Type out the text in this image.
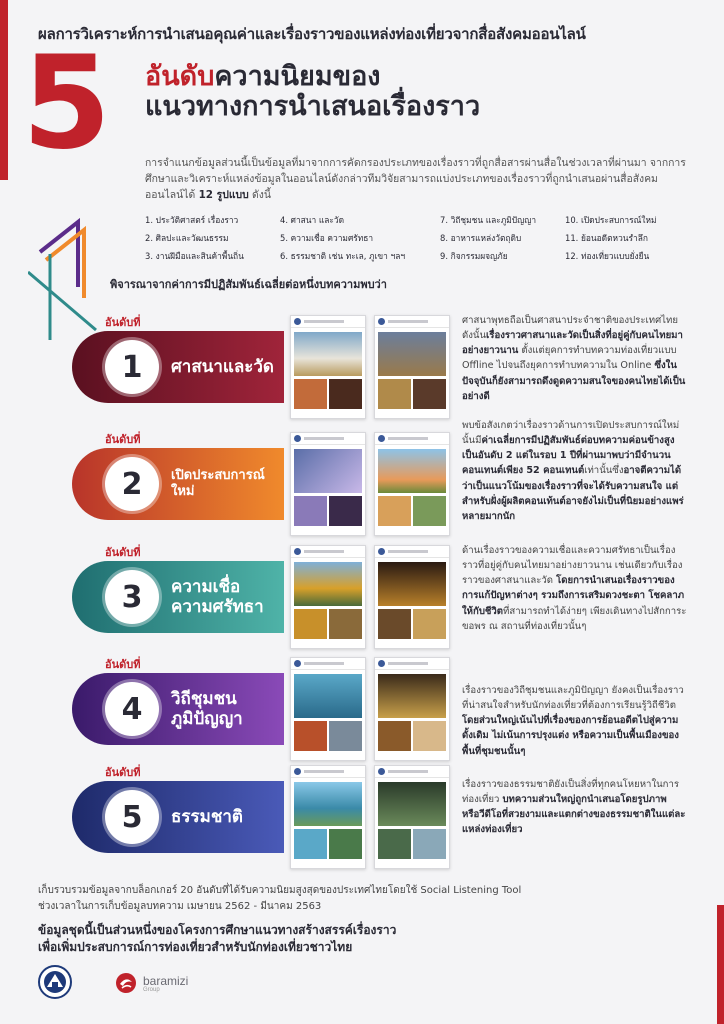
ผลการวิเคราะห์การนำเสนอคุณค่าและเรื่องราวของแหล่งท่องเที่ยวจากสื่อสังคมออนไลน์
5 อันดับความนิยมของ
แนวทางการนำเสนอเรื่องราว
การจำแนกข้อมูลส่วนนี้เป็นข้อมูลที่มาจากการคัดกรองประเภทของเรื่องราวที่ถูกสื่อสารผ่านสื่อในช่วงเวลาที่ผ่านมา จากการศึกษาและวิเคราะห์แหล่งข้อมูลในออนไลน์ดังกล่าวทีมวิจัยสามารถแบ่งประเภทของเรื่องราวที่ถูกนำเสนอผ่านสื่อสังคมออนไลน์ได้ 12 รูปแบบ ดังนี้
1. ประวัติศาสตร์ เรื่องราว	4. ศาสนา และวัด	7. วิถีชุมชน และภูมิปัญญา	10. เปิดประสบการณ์ใหม่
2. ศิลปะและวัฒนธรรม	5. ความเชื่อ ความศรัทธา	8. อาหารแหล่งวัตถุดิบ	11. ย้อนอดีตหวนรำลึก
3. งานฝีมือและสินค้าพื้นถิ่น	6. ธรรมชาติ เช่น ทะเล, ภูเขา ฯลฯ	9. กิจกรรมผจญภัย	12. ท่องเที่ยวแบบยั่งยืน
พิจารณาจากค่าการมีปฏิสัมพันธ์เฉลี่ยต่อหนึ่งบทความพบว่า
อันดับที่
1	ศาสนาและวัด
ศาสนาพุทธถือเป็นศาสนาประจำชาติของประเทศไทย ดังนั้นเรื่องราวศาสนาและวัดเป็นสิ่งที่อยู่คู่กับคนไทยมาอย่างยาวนาน ตั้งแต่ยุคการทำบทความท่องเที่ยวแบบ Offline ไปจนถึงยุคการทำบทความใน Online ซึ่งในปัจจุบันก็ยังสามารถดึงดูดความสนใจของคนไทยได้เป็นอย่างดี
อันดับที่
2	เปิดประสบการณ์ใหม่
พบข้อสังเกตว่าเรื่องราวด้านการเปิดประสบการณ์ใหม่นั้นมีค่าเฉลี่ยการมีปฏิสัมพันธ์ต่อบทความค่อนข้างสูงเป็นอันดับ 2 แต่ในรอบ 1 ปีที่ผ่านมาพบว่ามีจำนวนคอนเทนต์เพียง 52 คอนเทนต์เท่านั้นซึ่งอาจตีความได้ว่าเป็นแนวโน้มของเรื่องราวที่จะได้รับความสนใจ แต่สำหรับฝั่งผู้ผลิตคอนเท้นต์อาจยังไม่เป็นที่นิยมอย่างแพร่หลายมากนัก
อันดับที่
3	ความเชื่อ ความศรัทธา
ด้านเรื่องราวของความเชื่อและความศรัทธาเป็นเรื่องราวที่อยู่คู่กับคนไทยมาอย่างยาวนาน เช่นเดียวกับเรื่องราวของศาสนาและวัด โดยการนำเสนอเรื่องราวของการแก้ปัญหาต่างๆ รวมถึงการเสริมดวงชะตา โชคลาภให้กับชีวิตที่สามารถทำได้ง่ายๆ เพียงเดินทางไปสักการะขอพร ณ สถานที่ท่องเที่ยวนั้นๆ
อันดับที่
4	วิถีชุมชน ภูมิปัญญา
เรื่องราวของวิถีชุมชนและภูมิปัญญา ยังคงเป็นเรื่องราวที่น่าสนใจสำหรับนักท่องเที่ยวที่ต้องการเรียนรู้วิถีชีวิต โดยส่วนใหญ่เน้นไปที่เรื่องของการย้อนอดีตไปสู่ความดั้งเดิม ไม่เน้นการปรุงแต่ง หรือความเป็นพื้นเมืองของพื้นที่ชุมชนนั้นๆ
อันดับที่
5	ธรรมชาติ
เรื่องราวของธรรมชาติยังเป็นสิ่งที่ทุกคนโหยหาในการท่องเที่ยว บทความส่วนใหญ่ถูกนำเสนอโดยรูปภาพ หรือวีดีโอที่สวยงามและแตกต่างของธรรมชาติในแต่ละแหล่งท่องเที่ยว
เก็บรวบรวมข้อมูลจากบล็อกเกอร์ 20 อันดับที่ได้รับความนิยมสูงสุดของประเทศไทยโดยใช้ Social Listening Tool
ช่วงเวลาในการเก็บข้อมูลบทความ เมษายน 2562 - มีนาคม 2563
ข้อมูลชุดนี้เป็นส่วนหนึ่งของโครงการศึกษาแนวทางสร้างสรรค์เรื่องราว
เพื่อเพิ่มประสบการณ์การท่องเที่ยวสำหรับนักท่องเที่ยวชาวไทย
baramizi
Group
